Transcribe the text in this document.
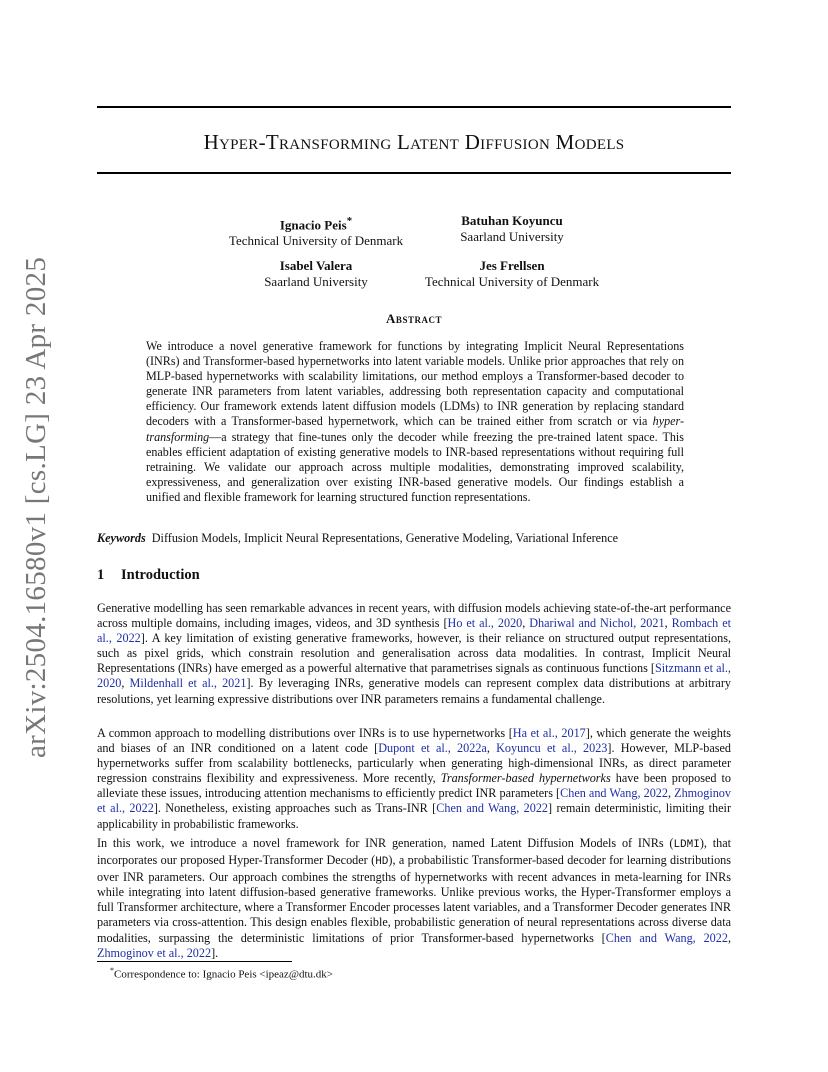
arXiv:2504.16580v1 [cs.LG] 23 Apr 2025
Hyper-Transforming Latent Diffusion Models
Ignacio Peis*
Technical University of Denmark
Batuhan Koyuncu
Saarland University
Isabel Valera
Saarland University
Jes Frellsen
Technical University of Denmark
Abstract
We introduce a novel generative framework for functions by integrating Implicit Neural Representations (INRs) and Transformer-based hypernetworks into latent variable models. Unlike prior approaches that rely on MLP-based hypernetworks with scalability limitations, our method employs a Transformer-based decoder to generate INR parameters from latent variables, addressing both representation capacity and computational efficiency. Our framework extends latent diffusion models (LDMs) to INR generation by replacing standard decoders with a Transformer-based hypernetwork, which can be trained either from scratch or via hyper-transforming—a strategy that fine-tunes only the decoder while freezing the pre-trained latent space. This enables efficient adaptation of existing generative models to INR-based representations without requiring full retraining. We validate our approach across multiple modalities, demonstrating improved scalability, expressiveness, and generalization over existing INR-based generative models. Our findings establish a unified and flexible framework for learning structured function representations.
Keywords Diffusion Models, Implicit Neural Representations, Generative Modeling, Variational Inference
1 Introduction
Generative modelling has seen remarkable advances in recent years, with diffusion models achieving state-of-the-art performance across multiple domains, including images, videos, and 3D synthesis [Ho et al., 2020, Dhariwal and Nichol, 2021, Rombach et al., 2022]. A key limitation of existing generative frameworks, however, is their reliance on structured output representations, such as pixel grids, which constrain resolution and generalisation across data modalities. In contrast, Implicit Neural Representations (INRs) have emerged as a powerful alternative that parametrises signals as continuous functions [Sitzmann et al., 2020, Mildenhall et al., 2021]. By leveraging INRs, generative models can represent complex data distributions at arbitrary resolutions, yet learning expressive distributions over INR parameters remains a fundamental challenge.
A common approach to modelling distributions over INRs is to use hypernetworks [Ha et al., 2017], which generate the weights and biases of an INR conditioned on a latent code [Dupont et al., 2022a, Koyuncu et al., 2023]. However, MLP-based hypernetworks suffer from scalability bottlenecks, particularly when generating high-dimensional INRs, as direct parameter regression constrains flexibility and expressiveness. More recently, Transformer-based hypernetworks have been proposed to alleviate these issues, introducing attention mechanisms to efficiently predict INR parameters [Chen and Wang, 2022, Zhmoginov et al., 2022]. Nonetheless, existing approaches such as Trans-INR [Chen and Wang, 2022] remain deterministic, limiting their applicability in probabilistic frameworks.
In this work, we introduce a novel framework for INR generation, named Latent Diffusion Models of INRs (LDMI), that incorporates our proposed Hyper-Transformer Decoder (HD), a probabilistic Transformer-based decoder for learning distributions over INR parameters. Our approach combines the strengths of hypernetworks with recent advances in meta-learning for INRs while integrating into latent diffusion-based generative frameworks. Unlike previous works, the Hyper-Transformer employs a full Transformer architecture, where a Transformer Encoder processes latent variables, and a Transformer Decoder generates INR parameters via cross-attention. This design enables flexible, probabilistic generation of neural representations across diverse data modalities, surpassing the deterministic limitations of prior Transformer-based hypernetworks [Chen and Wang, 2022, Zhmoginov et al., 2022].
*Correspondence to: Ignacio Peis <ipeaz@dtu.dk>
